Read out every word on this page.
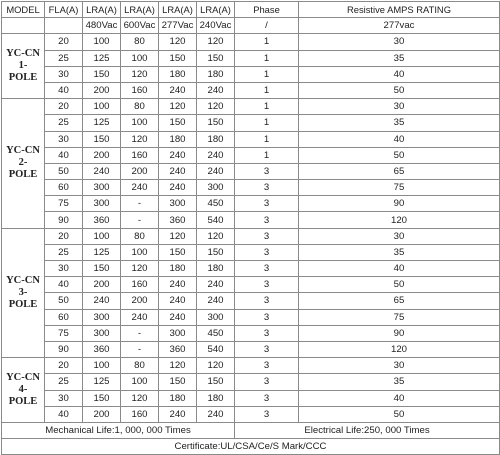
MODEL	FLA(A)	LRA(A)	LRA(A)	LRA(A)	LRA(A)	Phase	Resistive AMPS RATING
		480Vac	600Vac	277Vac	240Vac	/	277vac

YC-CN
1-
POLE	20	100	80	120	120	1	30
	25	125	100	150	150	1	35
	30	150	120	180	180	1	40
	40	200	160	240	240	1	50

YC-CN
2-
POLE	20	100	80	120	120	1	30
	25	125	100	150	150	1	35
	30	150	120	180	180	1	40
	40	200	160	240	240	1	50
	50	240	200	240	240	3	65
	60	300	240	240	300	3	75
	75	300	-	300	450	3	90
	90	360	-	360	540	3	120

YC-CN
3-
POLE	20	100	80	120	120	3	30
	25	125	100	150	150	3	35
	30	150	120	180	180	3	40
	40	200	160	240	240	3	50
	50	240	200	240	240	3	65
	60	300	240	240	300	3	75
	75	300	-	300	450	3	90
	90	360	-	360	540	3	120

YC-CN
4-
POLE	20	100	80	120	120	3	30
	25	125	100	150	150	3	35
	30	150	120	180	180	3	40
	40	200	160	240	240	3	50
Mechanical Life:1, 000, 000 Times						Electrical Life:250, 000 Times	
Certificate:UL/CSA/Ce/S Mark/CCC							
